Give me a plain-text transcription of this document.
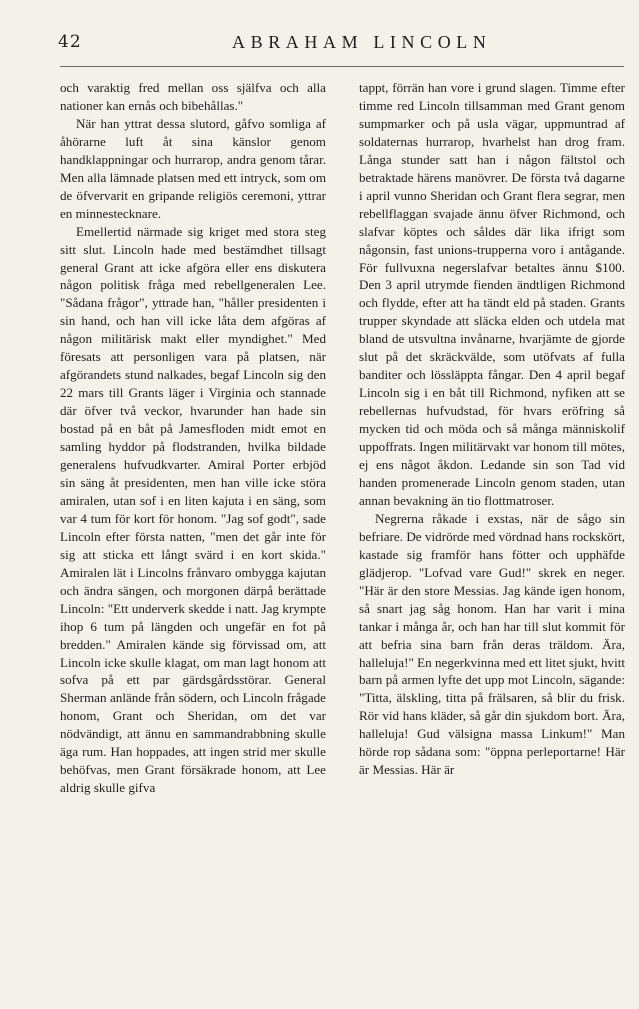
42	ABRAHAM LINCOLN

och varaktig fred mellan oss själfva och alla nationer kan ernås och bibehållas."

När han yttrat dessa slutord, gåfvo somliga af åhörarne luft åt sina känslor genom handklappningar och hurrarop, andra genom tårar. Men alla lämnade platsen med ett intryck, som om de öfvervarit en gripande religiös ceremoni, yttrar en minnestecknare.

Emellertid närmade sig kriget med stora steg sitt slut. Lincoln hade med bestämdhet tillsagt general Grant att icke afgöra eller ens diskutera någon politisk fråga med rebellgeneralen Lee. "Sådana frågor", yttrade han, "håller presidenten i sin hand, och han vill icke låta dem afgöras af någon militärisk makt eller myndighet." Med föresats att personligen vara på platsen, när afgörandets stund nalkades, begaf Lincoln sig den 22 mars till Grants läger i Virginia och stannade där öfver två veckor, hvarunder han hade sin bostad på en båt på Jamesfloden midt emot en samling hyddor på flodstranden, hvilka bildade generalens hufvudkvarter. Amiral Porter erbjöd sin säng åt presidenten, men han ville icke störa amiralen, utan sof i en liten kajuta i en säng, som var 4 tum för kort för honom. "Jag sof godt", sade Lincoln efter första natten, "men det går inte för sig att sticka ett långt svärd i en kort skida." Amiralen lät i Lincolns frånvaro ombygga kajutan och ändra sängen, och morgonen därpå berättade Lincoln: "Ett underverk skedde i natt. Jag krympte ihop 6 tum på längden och ungefär en fot på bredden." Amiralen kände sig förvissad om, att Lincoln icke skulle klagat, om man lagt honom att sofva på ett par gärdsgårdsstörar. General Sherman anlände från södern, och Lincoln frågade honom, Grant och Sheridan, om det var nödvändigt, att ännu en sammandrabbning skulle äga rum. Han hoppades, att ingen strid mer skulle behöfvas, men Grant försäkrade honom, att Lee aldrig skulle gifva

tappt, förrän han vore i grund slagen. Timme efter timme red Lincoln tillsamman med Grant genom sumpmarker och på usla vägar, uppmuntrad af soldaternas hurrarop, hvarhelst han drog fram. Långa stunder satt han i någon fältstol och betraktade härens manövrer. De första två dagarne i april vunno Sheridan och Grant flera segrar, men rebellflaggan svajade ännu öfver Richmond, och slafvar köptes och såldes där lika ifrigt som någonsin, fast unions-trupperna voro i antågande. För fullvuxna negerslafvar betaltes ännu $100. Den 3 april utrymde fienden ändtligen Richmond och flydde, efter att ha tändt eld på staden. Grants trupper skyndade att släcka elden och utdela mat bland de utsvultna invånarne, hvarjämte de gjorde slut på det skräckvälde, som utöfvats af fulla banditer och lössläppta fångar. Den 4 april begaf Lincoln sig i en båt till Richmond, nyfiken att se rebellernas hufvudstad, för hvars eröfring så mycken tid och möda och så många människolif uppoffrats. Ingen militärvakt var honom till mötes, ej ens något åkdon. Ledande sin son Tad vid handen promenerade Lincoln genom staden, utan annan bevakning än tio flottmatroser.

Negrerna råkade i exstas, när de sågo sin befriare. De vidrörde med vördnad hans rockskört, kastade sig framför hans fötter och upphäfde glädjerop. "Lofvad vare Gud!" skrek en neger. "Här är den store Messias. Jag kände igen honom, så snart jag såg honom. Han har varit i mina tankar i många år, och han har till slut kommit för att befria sina barn från deras träldom. Ära, halleluja!" En negerkvinna med ett litet sjukt, hvitt barn på armen lyfte det upp mot Lincoln, sägande: "Titta, älskling, titta på frälsaren, så blir du frisk. Rör vid hans kläder, så går din sjukdom bort. Ära, halleluja! Gud välsigna massa Linkum!" Man hörde rop sådana som: "öppna perleportarne! Här är Messias. Här är
